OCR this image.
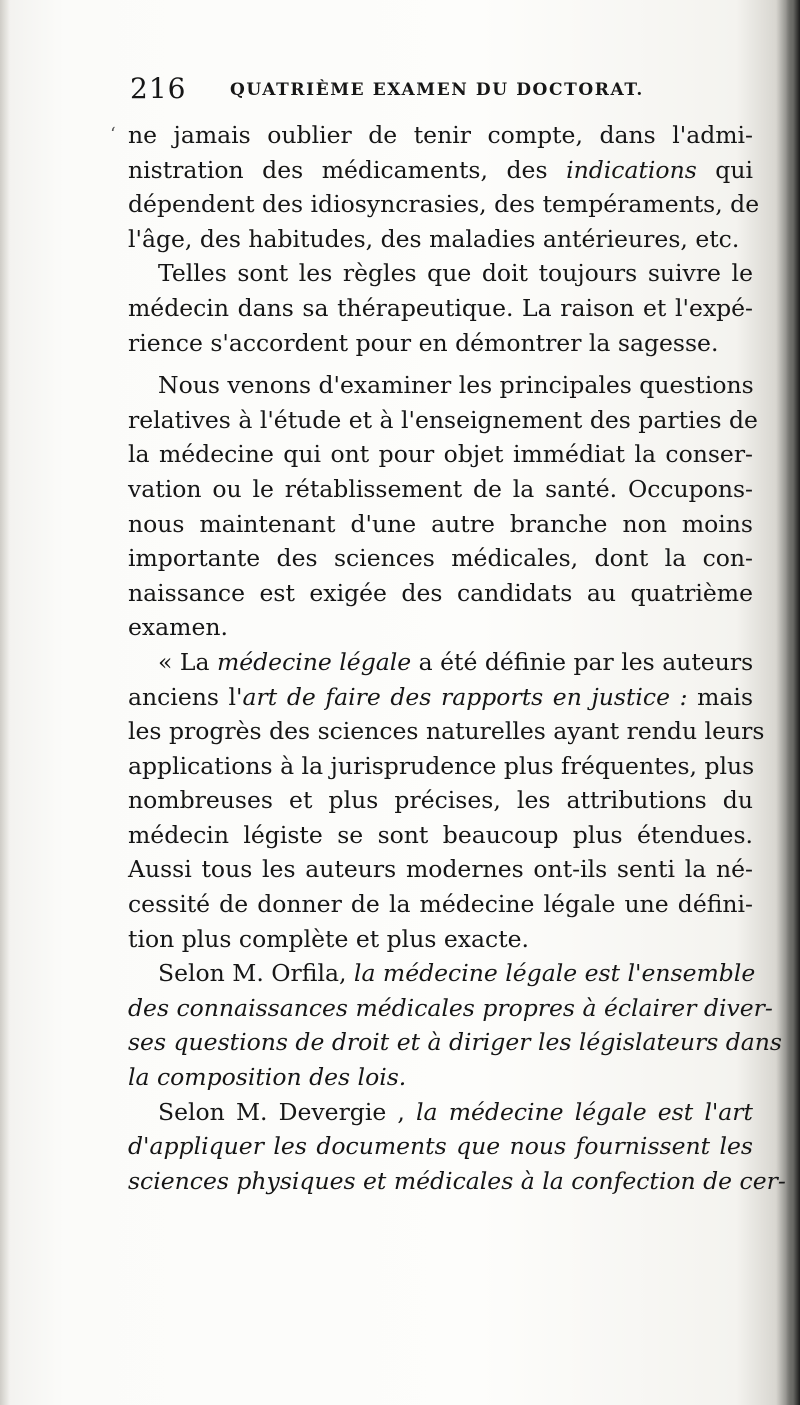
216	QUATRIÈME EXAMEN DU DOCTORAT.
‘ ne jamais oublier de tenir compte, dans l'admi-
nistration des médicaments, des indications qui
dépendent des idiosyncrasies, des tempéraments, de
l'âge, des habitudes, des maladies antérieures, etc.
Telles sont les règles que doit toujours suivre le
médecin dans sa thérapeutique. La raison et l'expé-
rience s'accordent pour en démontrer la sagesse.
Nous venons d'examiner les principales questions
relatives à l'étude et à l'enseignement des parties de
la médecine qui ont pour objet immédiat la conser-
vation ou le rétablissement de la santé. Occupons-
nous maintenant d'une autre branche non moins
importante des sciences médicales, dont la con-
naissance est exigée des candidats au quatrième
examen.
« La médecine légale a été définie par les auteurs
anciens l'art de faire des rapports en justice : mais
les progrès des sciences naturelles ayant rendu leurs
applications à la jurisprudence plus fréquentes, plus
nombreuses et plus précises, les attributions du
médecin légiste se sont beaucoup plus étendues.
Aussi tous les auteurs modernes ont-ils senti la né-
cessité de donner de la médecine légale une défini-
tion plus complète et plus exacte.
Selon M. Orfila, la médecine légale est l'ensemble
des connaissances médicales propres à éclairer diver-
ses questions de droit et à diriger les législateurs dans
la composition des lois.
Selon M. Devergie , la médecine légale est l'art
d'appliquer les documents que nous fournissent les
sciences physiques et médicales à la confection de cer-
